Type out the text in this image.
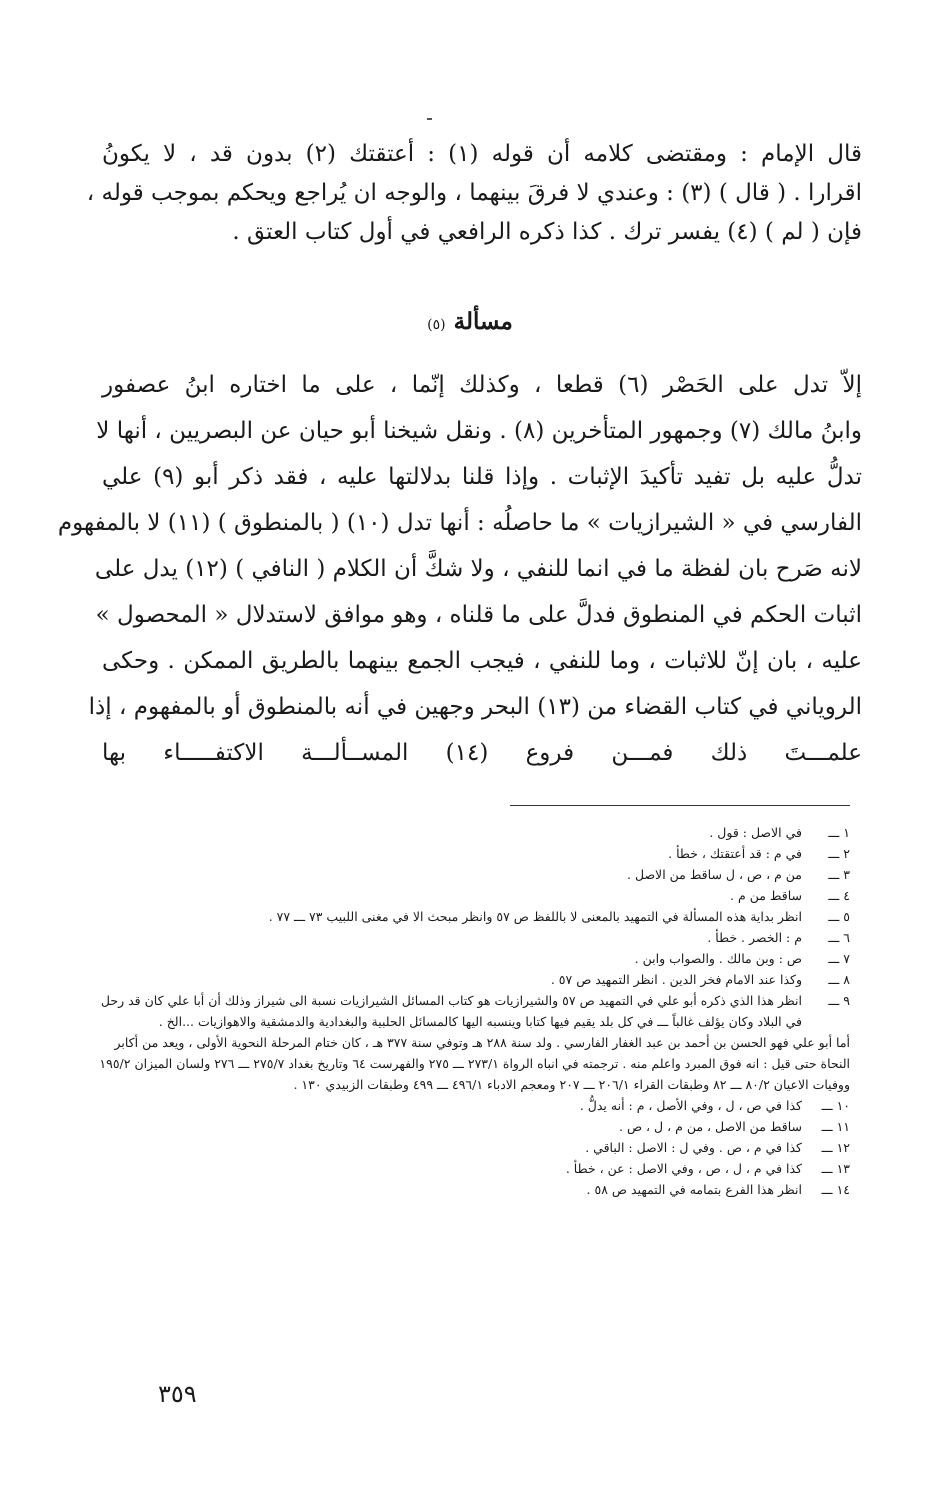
قال الإمام : ومقتضى كلامه أن قوله (١) : أعتقتك (٢) بدون قد ، لا يكونُ
اقرارا . ( قال ) (٣) : وعندي لا فرقَ بينهما ، والوجه ان يُراجع ويحكم بموجب قوله ،
فإن ( لم ) (٤) يفسر ترك . كذا ذكره الرافعي في أول كتاب العتق .
مسألة (٥)
إلاّ تدل على الحَصْر (٦) قطعا ، وكذلك إنّما ، على ما اختاره ابنُ عصفور
وابنُ مالك (٧) وجمهور المتأخرين (٨) . ونقل شيخنا أبو حيان عن البصريين ، أنها لا
تدلُّ عليه بل تفيد تأكيدَ الإثبات . وإذا قلنا بدلالتها عليه ، فقد ذكر أبو (٩) علي
الفارسي في « الشيرازيات » ما حاصلُه : أنها تدل (١٠) ( بالمنطوق ) (١١) لا بالمفهوم
لانه صَرح بان لفظة ما في انما للنفي ، ولا شكَّ أن الكلام ( النافي ) (١٢) يدل على
اثبات الحكم في المنطوق فدلَّ على ما قلناه ، وهو موافق لاستدلال « المحصول »
عليه ، بان إنّ للاثبات ، وما للنفي ، فيجب الجمع بينهما بالطريق الممكن . وحكى
الروياني في كتاب القضاء من (١٣) البحر وجهين في أنه بالمنطوق أو بالمفهوم ، إذا
علمـــتَ ذلك فمـــن فروع (١٤) المســألـــة الاكتفـــــاء بها
١ ـــ
في الاصل : قول .
٢ ـــ
في م : قد أعتقتك ، خطأ .
٣ ـــ
من م ، ص ، ل ساقط من الاصل .
٤ ـــ
ساقط من م .
٥ ـــ
انظر بداية هذه المسألة في التمهيد بالمعنى لا باللفظ ص ٥٧ وانظر مبحث الا في مغنى اللبيب ٧٣ ـــ ٧٧ .
٦ ـــ
م : الخصر . خطأ .
٧ ـــ
ص : وبن مالك . والصواب وابن .
٨ ـــ
وكذا عند الامام فخر الدين . انظر التمهيد ص ٥٧ .
٩ ـــ
انظر هذا الذي ذكره أبو علي في التمهيد ص ٥٧ والشيرازيات هو كتاب المسائل الشيرازيات نسبة الى شيراز وذلك أن أبا علي كان قد رحل في البلاد وكان يؤلف غالباً ـــ في كل بلد يقيم فيها كتابا وينسبه اليها كالمسائل الحلبية والبغدادية والدمشقية والاهوازيات ...الخ .
أما أبو علي فهو الحسن بن أحمد بن عبد الغفار الفارسي . ولد سنة ٢٨٨ هـ وتوفي سنة ٣٧٧ هـ ، كان ختام المرحلة النحوية الأولى ، ويعد من أكابر النحاة حتى قيل : انه فوق المبرد واعلم منه . ترجمته في انباه الرواة ٢٧٣/١ ـــ ٢٧٥ والفهرست ٦٤ وتاريخ بغداد ٢٧٥/٧ ـــ ٢٧٦ ولسان الميزان ١٩٥/٢ ووفيات الاعيان ٨٠/٢ ـــ ٨٢ وطبقات القراء ٢٠٦/١ ـــ ٢٠٧ ومعجم الادباء ٤٩٦/١ ـــ ٤٩٩ وطبقات الزبيدي ١٣٠ .
١٠ ـــ
كذا في ص ، ل ، وفي الأصل ، م : أنه يدلُّ .
١١ ـــ
ساقط من الاصل ، من م ، ل ، ص .
١٢ ـــ
كذا في م ، ص . وفي ل : الاصل : الباقي .
١٣ ـــ
كذا في م ، ل ، ص ، وفي الاصل : عن ، خطأ .
١٤ ـــ
انظر هذا الفرع بتمامه في التمهيد ص ٥٨ .
٣٥٩
